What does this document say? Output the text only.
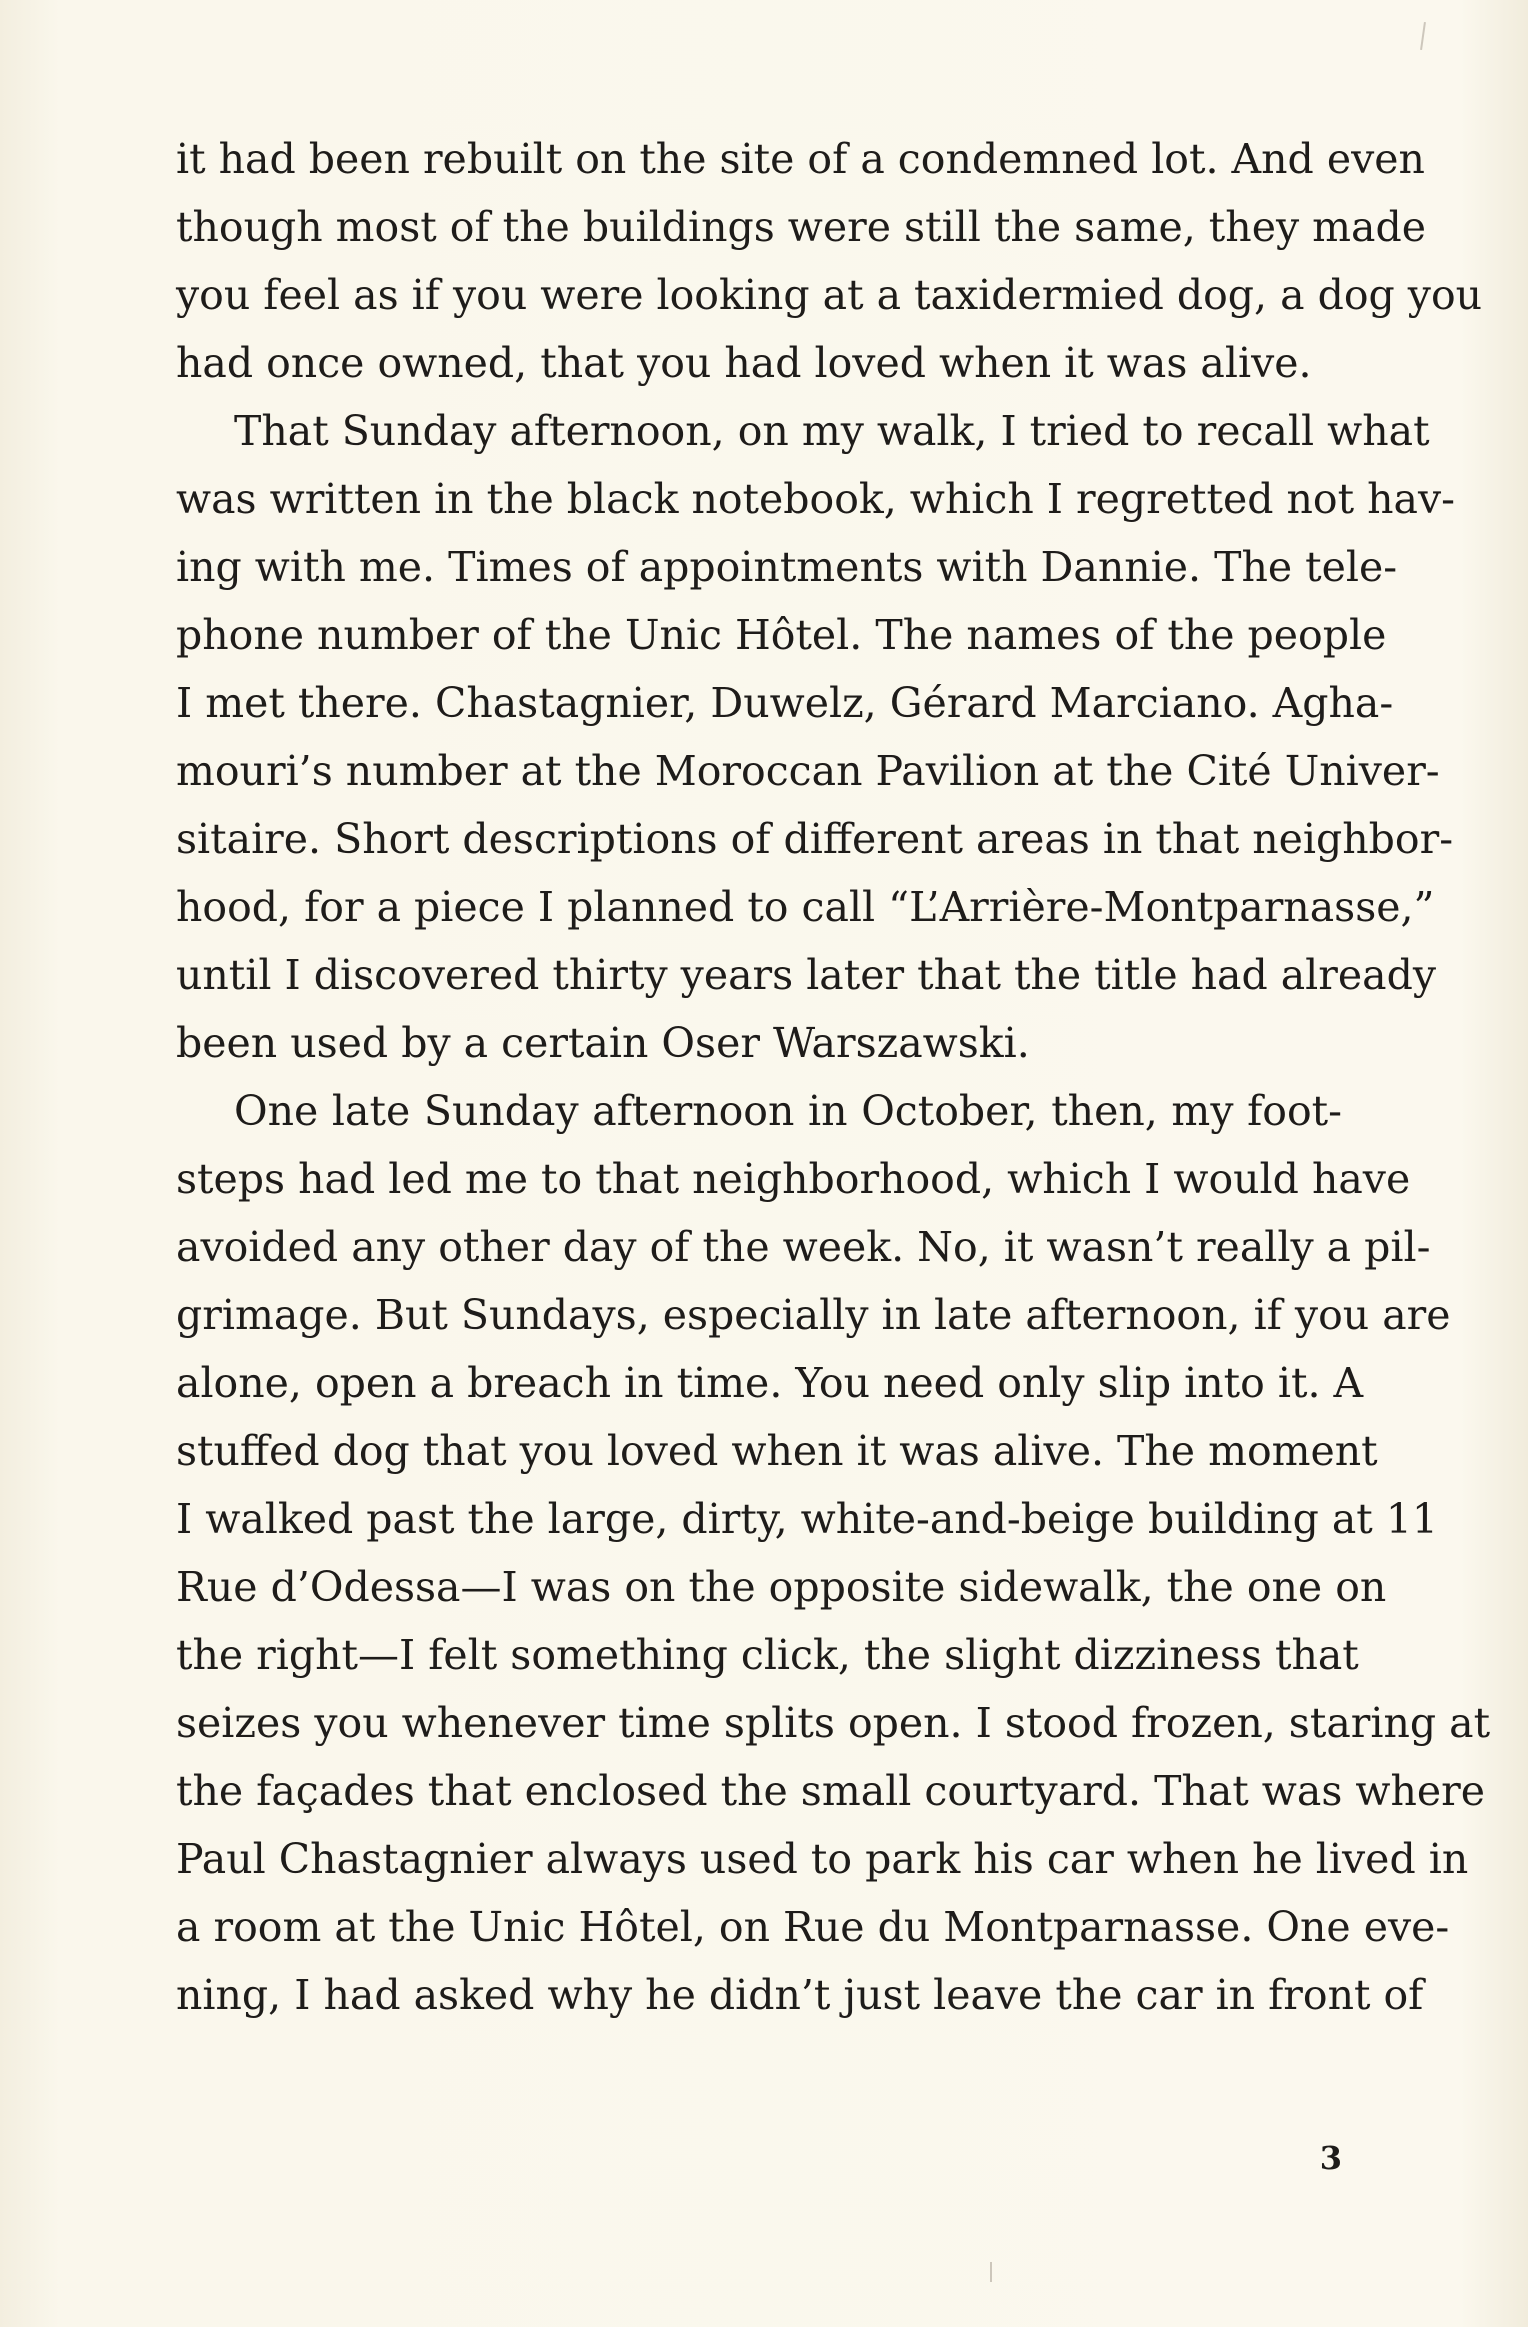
it had been rebuilt on the site of a condemned lot. And even
though most of the buildings were still the same, they made
you feel as if you were looking at a taxidermied dog, a dog you
had once owned, that you had loved when it was alive.
That Sunday afternoon, on my walk, I tried to recall what
was written in the black notebook, which I regretted not hav-
ing with me. Times of appointments with Dannie. The tele-
phone number of the Unic Hôtel. The names of the people
I met there. Chastagnier, Duwelz, Gérard Marciano. Agha-
mouri’s number at the Moroccan Pavilion at the Cité Univer-
sitaire. Short descriptions of different areas in that neighbor-
hood, for a piece I planned to call “L’Arrière-Montparnasse,”
until I discovered thirty years later that the title had already
been used by a certain Oser Warszawski.
One late Sunday afternoon in October, then, my foot-
steps had led me to that neighborhood, which I would have
avoided any other day of the week. No, it wasn’t really a pil-
grimage. But Sundays, especially in late afternoon, if you are
alone, open a breach in time. You need only slip into it. A
stuffed dog that you loved when it was alive. The moment
I walked past the large, dirty, white-and-beige building at 11
Rue d’Odessa—I was on the opposite sidewalk, the one on
the right—I felt something click, the slight dizziness that
seizes you whenever time splits open. I stood frozen, staring at
the façades that enclosed the small courtyard. That was where
Paul Chastagnier always used to park his car when he lived in
a room at the Unic Hôtel, on Rue du Montparnasse. One eve-
ning, I had asked why he didn’t just leave the car in front of
3
